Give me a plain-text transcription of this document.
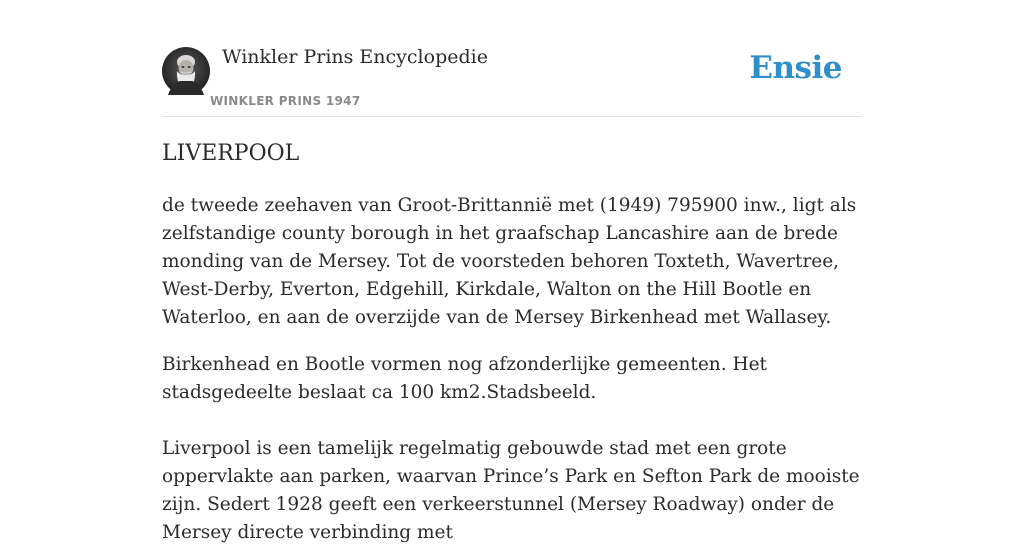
Winkler Prins Encyclopedie
WINKLER PRINS 1947
Ensie
LIVERPOOL

de tweede zeehaven van Groot-Brittannië met (1949) 795900 inw., ligt als zelfstandige county borough in het graafschap Lancashire aan de brede monding van de Mersey. Tot de voorsteden behoren Toxteth, Wavertree, West-Derby, Everton, Edgehill, Kirkdale, Walton on the Hill Bootle en Waterloo, en aan de overzijde van de Mersey Birkenhead met Wallasey.

Birkenhead en Bootle vormen nog afzonderlijke gemeenten. Het stadsgedeelte beslaat ca 100 km2.Stadsbeeld.

Liverpool is een tamelijk regelmatig gebouwde stad met een grote oppervlakte aan parken, waarvan Prince’s Park en Sefton Park de mooiste zijn. Sedert 1928 geeft een verkeerstunnel (Mersey Roadway) onder de Mersey directe verbinding met
